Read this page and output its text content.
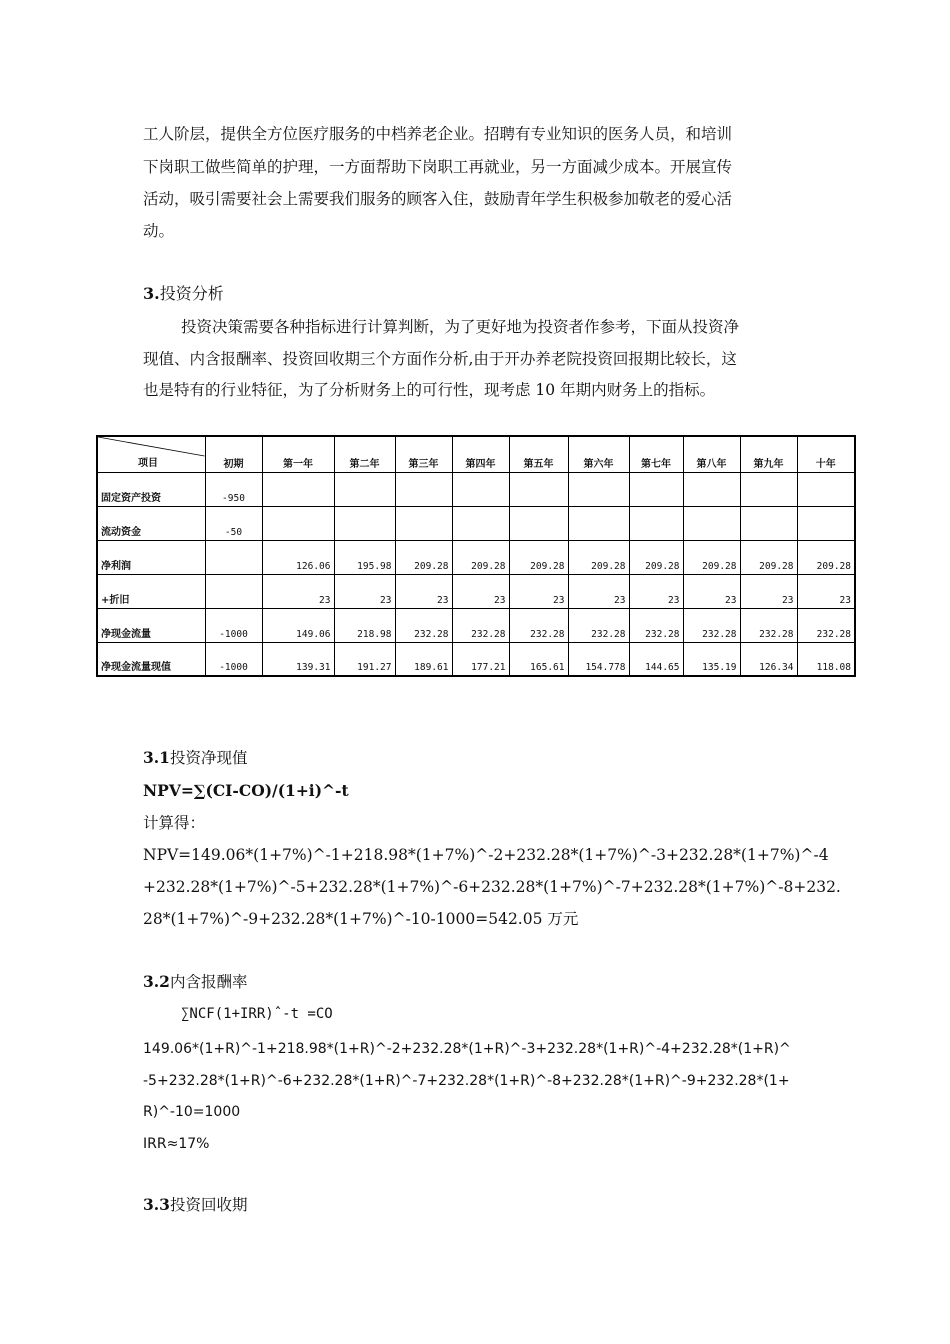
工人阶层，提供全方位医疗服务的中档养老企业。招聘有专业知识的医务人员，和培训
下岗职工做些简单的护理，一方面帮助下岗职工再就业，另一方面减少成本。开展宣传
活动，吸引需要社会上需要我们服务的顾客入住，鼓励青年学生积极参加敬老的爱心活
动。
3.投资分析
投资决策需要各种指标进行计算判断，为了更好地为投资者作参考，下面从投资净
现值、内含报酬率、投资回收期三个方面作分析,由于开办养老院投资回报期比较长，这
也是特有的行业特征，为了分析财务上的可行性，现考虑 10 年期内财务上的指标。
项目	初期	第一年	第二年	第三年	第四年	第五年	第六年	第七年	第八年	第九年	十年
固定资产投资	-950										
流动资金	-50										
净利润		126.06	195.98	209.28	209.28	209.28	209.28	209.28	209.28	209.28	209.28
+折旧		23	23	23	23	23	23	23	23	23	23
净现金流量	-1000	149.06	218.98	232.28	232.28	232.28	232.28	232.28	232.28	232.28	232.28
净现金流量现值	-1000	139.31	191.27	189.61	177.21	165.61	154.778	144.65	135.19	126.34	118.08
3.1投资净现值
NPV=∑(CI-CO)/(1+i)^-t
计算得：
NPV=149.06*(1+7%)^-1+218.98*(1+7%)^-2+232.28*(1+7%)^-3+232.28*(1+7%)^-4
+232.28*(1+7%)^-5+232.28*(1+7%)^-6+232.28*(1+7%)^-7+232.28*(1+7%)^-8+232.
28*(1+7%)^-9+232.28*(1+7%)^-10-1000=542.05 万元
3.2内含报酬率
∑NCF(1+IRR)ˆ-t =CO
149.06*(1+R)^-1+218.98*(1+R)^-2+232.28*(1+R)^-3+232.28*(1+R)^-4+232.28*(1+R)^
-5+232.28*(1+R)^-6+232.28*(1+R)^-7+232.28*(1+R)^-8+232.28*(1+R)^-9+232.28*(1+
R)^-10=1000
IRR≈17%
3.3投资回收期
